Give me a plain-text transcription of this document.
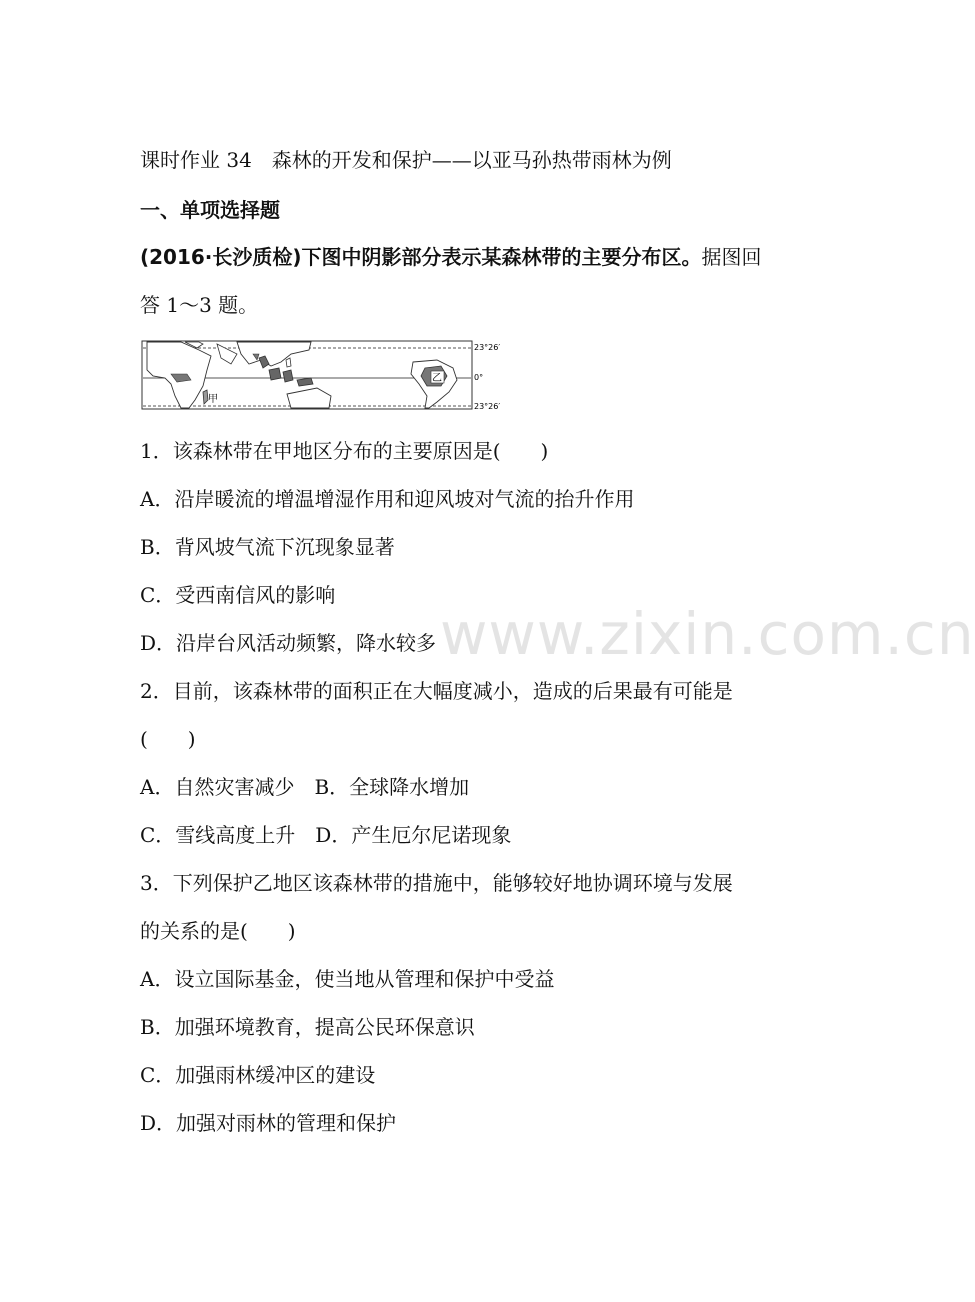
www.zixin.com.cn
课时作业 34　森林的开发和保护——以亚马孙热带雨林为例
一、单项选择题
(2016·长沙质检)下图中阴影部分表示某森林带的主要分布区。据图回
答 1～3 题。
乙
甲
23°26′
0°
23°26′
1．该森林带在甲地区分布的主要原因是(　　)
A．沿岸暖流的增温增湿作用和迎风坡对气流的抬升作用
B．背风坡气流下沉现象显著
C．受西南信风的影响
D．沿岸台风活动频繁，降水较多
2．目前，该森林带的面积正在大幅度减小，造成的后果最有可能是
(　　)
A．自然灾害减少　B．全球降水增加
C．雪线高度上升　D．产生厄尔尼诺现象
3．下列保护乙地区该森林带的措施中，能够较好地协调环境与发展
的关系的是(　　)
A．设立国际基金，使当地从管理和保护中受益
B．加强环境教育，提高公民环保意识
C．加强雨林缓冲区的建设
D．加强对雨林的管理和保护
